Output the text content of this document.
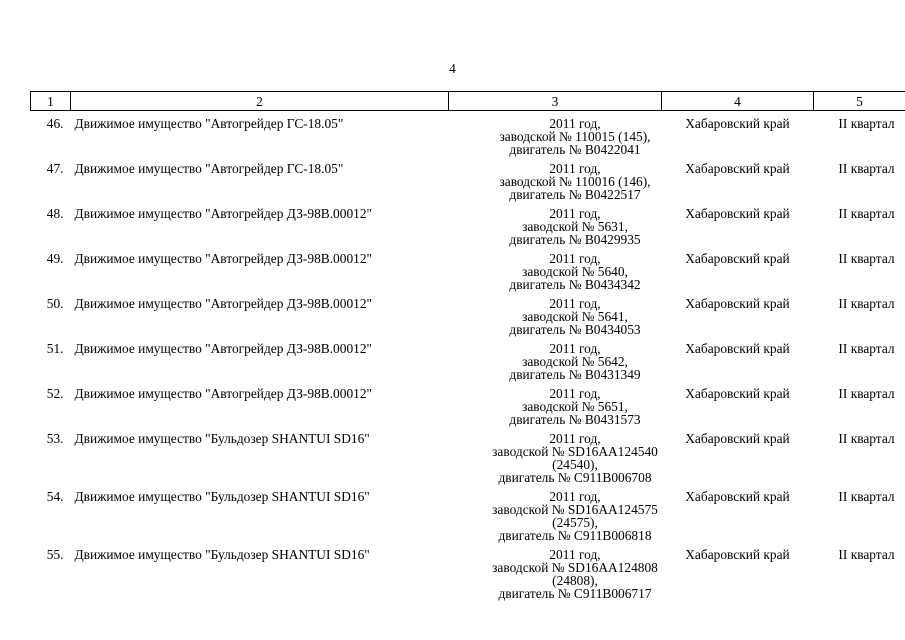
4
1	2	3	4	5
46.	Движимое имущество "Автогрейдер ГС-18.05"	2011 год,
заводской № 110015 (145),
двигатель № B0422041	Хабаровский край	II квартал
47.	Движимое имущество "Автогрейдер ГС-18.05"	2011 год,
заводской № 110016 (146),
двигатель № B0422517	Хабаровский край	II квартал
48.	Движимое имущество "Автогрейдер ДЗ-98В.00012"	2011 год,
заводской № 5631,
двигатель № B0429935	Хабаровский край	II квартал
49.	Движимое имущество "Автогрейдер ДЗ-98В.00012"	2011 год,
заводской № 5640,
двигатель № B0434342	Хабаровский край	II квартал
50.	Движимое имущество "Автогрейдер ДЗ-98В.00012"	2011 год,
заводской № 5641,
двигатель № B0434053	Хабаровский край	II квартал
51.	Движимое имущество "Автогрейдер ДЗ-98В.00012"	2011 год,
заводской № 5642,
двигатель № B0431349	Хабаровский край	II квартал
52.	Движимое имущество "Автогрейдер ДЗ-98В.00012"	2011 год,
заводской № 5651,
двигатель № B0431573	Хабаровский край	II квартал
53.	Движимое имущество "Бульдозер SHANTUI SD16"	2011 год,
заводской № SD16AA124540
(24540),
двигатель № C911B006708	Хабаровский край	II квартал
54.	Движимое имущество "Бульдозер SHANTUI SD16"	2011 год,
заводской № SD16AA124575
(24575),
двигатель № C911B006818	Хабаровский край	II квартал
55.	Движимое имущество "Бульдозер SHANTUI SD16"	2011 год,
заводской № SD16AA124808
(24808),
двигатель № C911B006717	Хабаровский край	II квартал
